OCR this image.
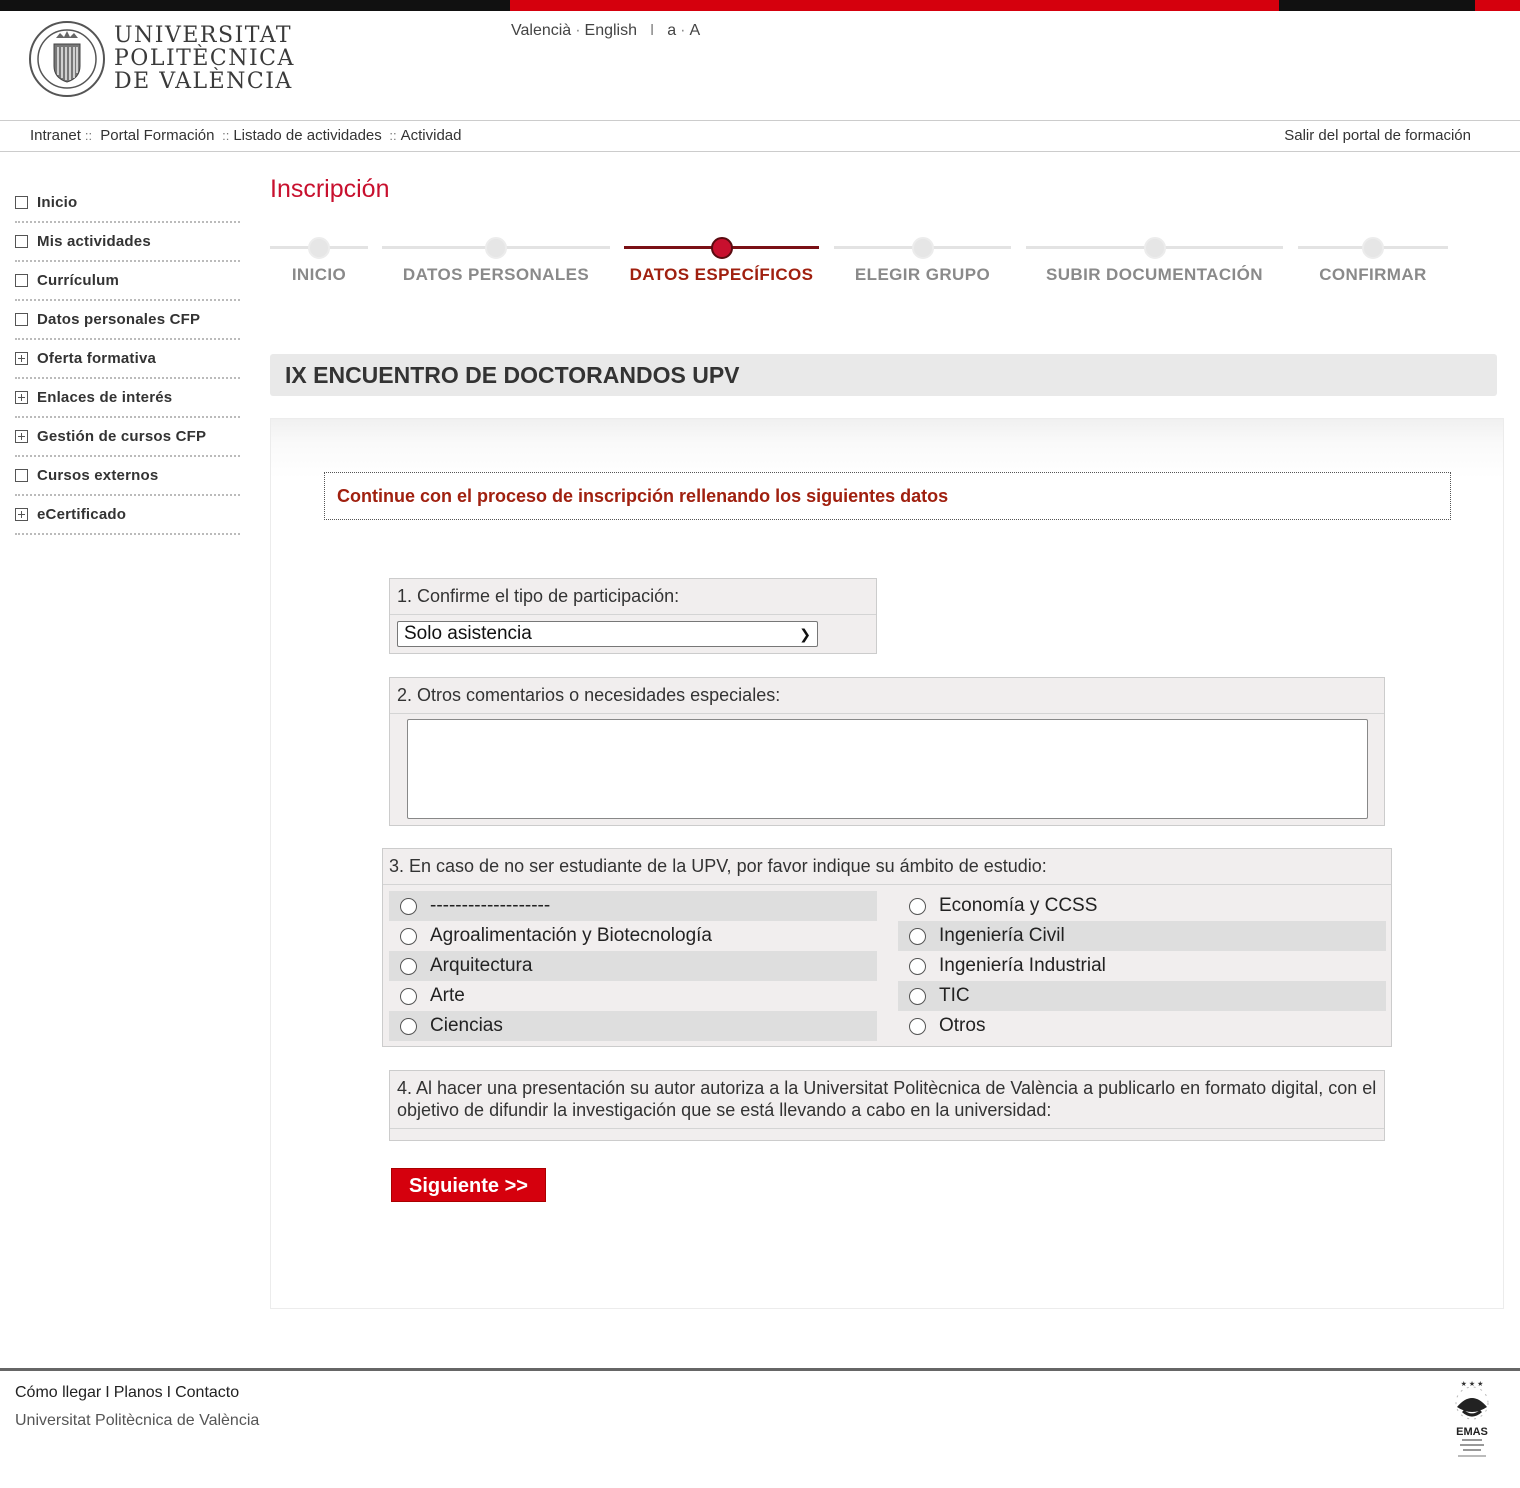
UNIVERSITAT
POLITÈCNICA
DE VALÈNCIA
Valencià · English  I  a · A
Intranet :: Portal Formación :: Listado de actividades :: Actividad	Salir del portal de formación
Inicio
Mis actividades
Currículum
Datos personales CFP
Oferta formativa
Enlaces de interés
Gestión de cursos CFP
Cursos externos
eCertificado
Inscripción
INICIO	DATOS PERSONALES	DATOS ESPECÍFICOS	ELEGIR GRUPO	SUBIR DOCUMENTACIÓN	CONFIRMAR
IX ENCUENTRO DE DOCTORANDOS UPV
Continue con el proceso de inscripción rellenando los siguientes datos
1. Confirme el tipo de participación:
Solo asistencia	❯
2. Otros comentarios o necesidades especiales:
3. En caso de no ser estudiante de la UPV, por favor indique su ámbito de estudio:
-------------------
Agroalimentación y Biotecnología
Arquitectura
Arte
Ciencias
Economía y CCSS
Ingeniería Civil
Ingeniería Industrial
TIC
Otros
4. Al hacer una presentación su autor autoriza a la Universitat Politècnica de València a publicarlo en formato digital, con el objetivo de difundir la investigación que se está llevando a cabo en la universidad:
Siguiente >>
Cómo llegar I Planos I Contacto
Universitat Politècnica de València
★ ★ ★
EMAS
